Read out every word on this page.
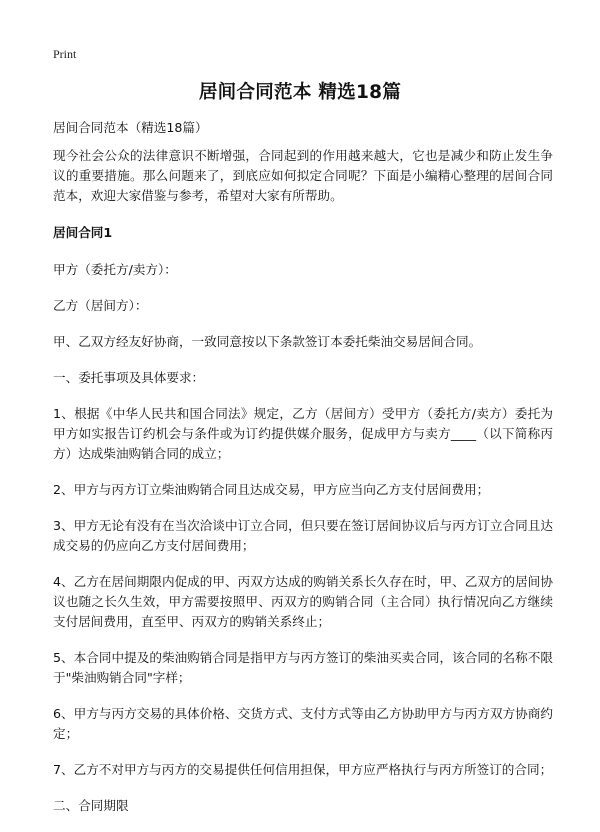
Print
居间合同范本 精选18篇

居间合同范本（精选18篇）

现今社会公众的法律意识不断增强，合同起到的作用越来越大，它也是减少和防止发生争议的重要措施。那么问题来了，到底应如何拟定合同呢？下面是小编精心整理的居间合同范本，欢迎大家借鉴与参考，希望对大家有所帮助。

居间合同1

甲方（委托方/卖方）：

乙方（居间方）：

甲、乙双方经友好协商，一致同意按以下条款签订本委托柴油交易居间合同。

一、委托事项及具体要求：

1、根据《中华人民共和国合同法》规定，乙方（居间方）受甲方（委托方/卖方）委托为甲方如实报告订约机会与条件或为订约提供媒介服务，促成甲方与卖方____（以下简称丙方）达成柴油购销合同的成立；

2、甲方与丙方订立柴油购销合同且达成交易，甲方应当向乙方支付居间费用；

3、甲方无论有没有在当次洽谈中订立合同，但只要在签订居间协议后与丙方订立合同且达成交易的仍应向乙方支付居间费用；

4、乙方在居间期限内促成的甲、丙双方达成的购销关系长久存在时，甲、乙双方的居间协议也随之长久生效，甲方需要按照甲、丙双方的购销合同（主合同）执行情况向乙方继续支付居间费用，直至甲、丙双方的购销关系终止；

5、本合同中提及的柴油购销合同是指甲方与丙方签订的柴油买卖合同，该合同的名称不限于"柴油购销合同"字样；

6、甲方与丙方交易的具体价格、交货方式、支付方式等由乙方协助甲方与丙方双方协商约定；

7、乙方不对甲方与丙方的交易提供任何信用担保，甲方应严格执行与丙方所签订的合同；

二、合同期限
